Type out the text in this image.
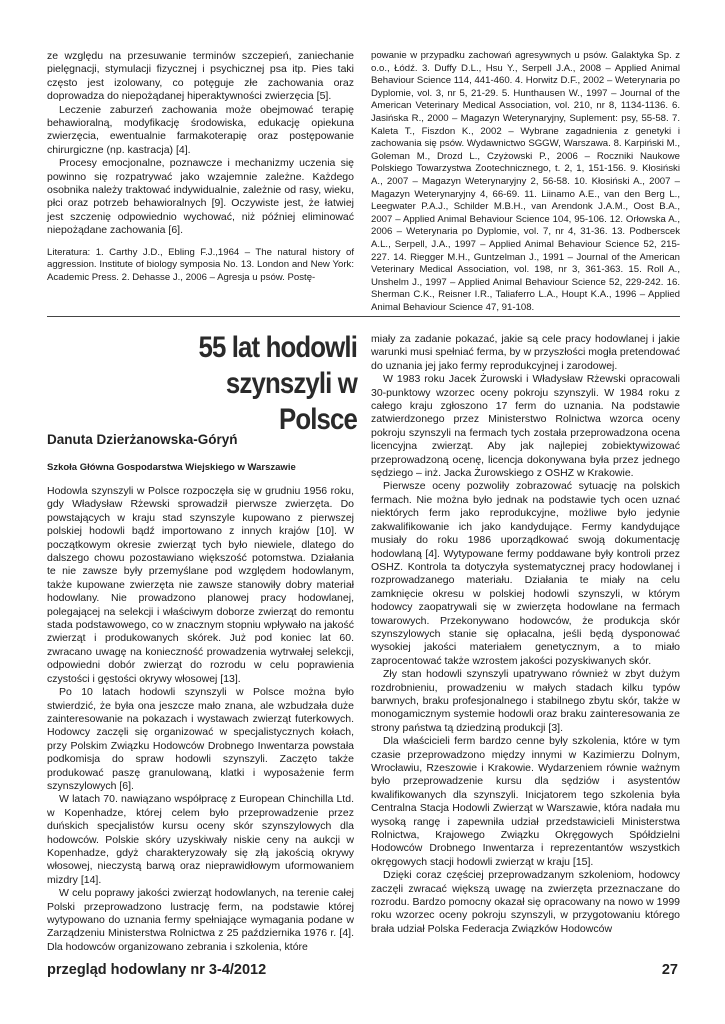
ze względu na przesuwanie terminów szczepień, zaniechanie pielęgnacji, stymulacji fizycznej i psychicznej psa itp. Pies taki często jest izolowany, co potęguje złe zachowania oraz doprowadza do niepożądanej hiperaktywności zwierzęcia [5].

Leczenie zaburzeń zachowania może obejmować terapię behawioralną, modyfikację środowiska, edukację opiekuna zwierzęcia, ewentualnie farmakoterapię oraz postępowanie chirurgiczne (np. kastracja) [4].

Procesy emocjonalne, poznawcze i mechanizmy uczenia się powinno się rozpatrywać jako wzajemnie zależne. Każdego osobnika należy traktować indywidualnie, zależnie od rasy, wieku, płci oraz potrzeb behawioralnych [9]. Oczywiste jest, że łatwiej jest szczenię odpowiednio wychować, niż później eliminować niepożądane zachowania [6].

Literatura: 1. Carthy J.D., Ebling F.J.,1964 – The natural history of aggression. Institute of biology symposia No. 13. London and New York: Academic Press. 2. Dehasse J., 2006 – Agresja u psów. Postę-

powanie w przypadku zachowań agresywnych u psów. Galaktyka Sp. z o.o., Łódź. 3. Duffy D.L., Hsu Y., Serpell J.A., 2008 – Applied Animal Behaviour Science 114, 441-460. 4. Horwitz D.F., 2002 – Weterynaria po Dyplomie, vol. 3, nr 5, 21-29. 5. Hunthausen W., 1997 – Journal of the American Veterinary Medical Association, vol. 210, nr 8, 1134-1136. 6. Jasińska R., 2000 – Magazyn Weterynaryjny, Suplement: psy, 55-58. 7. Kaleta T., Fiszdon K., 2002 – Wybrane zagadnienia z genetyki i zachowania się psów. Wydawnictwo SGGW, Warszawa. 8. Karpiński M., Goleman M., Drozd L., Czyżowski P., 2006 – Roczniki Naukowe Polskiego Towarzystwa Zootechnicznego, t. 2, 1, 151-156. 9. Kłosiński A., 2007 – Magazyn Weterynaryjny 2, 56-58. 10. Kłosiński A., 2007 – Magazyn Weterynaryjny 4, 66-69. 11. Liinamo A.E., van den Berg L., Leegwater P.A.J., Schilder M.B.H., van Arendonk J.A.M., Oost B.A., 2007 – Applied Animal Behaviour Science 104, 95-106. 12. Orłowska A., 2006 – Weterynaria po Dyplomie, vol. 7, nr 4, 31-36. 13. Podberscek A.L., Serpell, J.A., 1997 – Applied Animal Behaviour Science 52, 215-227. 14. Riegger M.H., Guntzelman J., 1991 – Journal of the American Veterinary Medical Association, vol. 198, nr 3, 361-363. 15. Roll A., Unshelm J., 1997 – Applied Animal Behaviour Science 52, 229-242. 16. Sherman C.K., Reisner I.R., Taliaferro L.A., Houpt K.A., 1996 – Applied Animal Behaviour Science 47, 91-108.

55 lat hodowli
szynszyli w Polsce
Danuta Dzierżanowska-Góryń
Szkoła Główna Gospodarstwa Wiejskiego w Warszawie

Hodowla szynszyli w Polsce rozpoczęła się w grudniu 1956 roku, gdy Władysław Rżewski sprowadził pierwsze zwierzęta. Do powstających w kraju stad szynszyle kupowano z pierwszej polskiej hodowli bądź importowano z innych krajów [10]. W początkowym okresie zwierząt tych było niewiele, dlatego do dalszego chowu pozostawiano większość potomstwa. Działania te nie zawsze były przemyślane pod względem hodowlanym, także kupowane zwierzęta nie zawsze stanowiły dobry materiał hodowlany. Nie prowadzono planowej pracy hodowlanej, polegającej na selekcji i właściwym doborze zwierząt do remontu stada podstawowego, co w znacznym stopniu wpływało na jakość zwierząt i produkowanych skórek. Już pod koniec lat 60. zwracano uwagę na konieczność prowadzenia wytrwałej selekcji, odpowiedni dobór zwierząt do rozrodu w celu poprawienia czystości i gęstości okrywy włosowej [13].

Po 10 latach hodowli szynszyli w Polsce można było stwierdzić, że była ona jeszcze mało znana, ale wzbudzała duże zainteresowanie na pokazach i wystawach zwierząt futerkowych. Hodowcy zaczęli się organizować w specjalistycznych kołach, przy Polskim Związku Hodowców Drobnego Inwentarza powstała podkomisja do spraw hodowli szynszyli. Zaczęto także produkować paszę granulowaną, klatki i wyposażenie ferm szynszylowych [6].

W latach 70. nawiązano współpracę z European Chinchilla Ltd. w Kopenhadze, której celem było przeprowadzenie przez duńskich specjalistów kursu oceny skór szynszylowych dla hodowców. Polskie skóry uzyskiwały niskie ceny na aukcji w Kopenhadze, gdyż charakteryzowały się złą jakością okrywy włosowej, nieczystą barwą oraz nieprawidłowym uformowaniem mizdry [14].

W celu poprawy jakości zwierząt hodowlanych, na terenie całej Polski przeprowadzono lustrację ferm, na podstawie której wytypowano do uznania fermy spełniające wymagania podane w Zarządzeniu Ministerstwa Rolnictwa z 25 października 1976 r. [4]. Dla hodowców organizowano zebrania i szkolenia, które

miały za zadanie pokazać, jakie są cele pracy hodowlanej i jakie warunki musi spełniać ferma, by w przyszłości mogła pretendować do uznania jej jako fermy reprodukcyjnej i zarodowej.

W 1983 roku Jacek Żurowski i Władysław Rżewski opracowali 30-punktowy wzorzec oceny pokroju szynszyli. W 1984 roku z całego kraju zgłoszono 17 ferm do uznania. Na podstawie zatwierdzonego przez Ministerstwo Rolnictwa wzorca oceny pokroju szynszyli na fermach tych została przeprowadzona ocena licencyjna zwierząt. Aby jak najlepiej zobiektywizować przeprowadzoną ocenę, licencja dokonywana była przez jednego sędziego – inż. Jacka Żurowskiego z OSHZ w Krakowie.

Pierwsze oceny pozwoliły zobrazować sytuację na polskich fermach. Nie można było jednak na podstawie tych ocen uznać niektórych ferm jako reprodukcyjne, możliwe było jedynie zakwalifikowanie ich jako kandydujące. Fermy kandydujące musiały do roku 1986 uporządkować swoją dokumentację hodowlaną [4]. Wytypowane fermy poddawane były kontroli przez OSHZ. Kontrola ta dotyczyła systematycznej pracy hodowlanej i rozprowadzanego materiału. Działania te miały na celu zamknięcie okresu w polskiej hodowli szynszyli, w którym hodowcy zaopatrywali się w zwierzęta hodowlane na fermach towarowych. Przekonywano hodowców, że produkcja skór szynszylowych stanie się opłacalna, jeśli będą dysponować wysokiej jakości materiałem genetycznym, a to miało zaprocentować także wzrostem jakości pozyskiwanych skór.

Zły stan hodowli szynszyli upatrywano również w zbyt dużym rozdrobnieniu, prowadzeniu w małych stadach kilku typów barwnych, braku profesjonalnego i stabilnego zbytu skór, także w monogamicznym systemie hodowli oraz braku zainteresowania ze strony państwa tą dziedziną produkcji [3].

Dla właścicieli ferm bardzo cenne były szkolenia, które w tym czasie przeprowadzono między innymi w Kazimierzu Dolnym, Wrocławiu, Rzeszowie i Krakowie. Wydarzeniem równie ważnym było przeprowadzenie kursu dla sędziów i asystentów kwalifikowanych dla szynszyli. Inicjatorem tego szkolenia była Centralna Stacja Hodowli Zwierząt w Warszawie, która nadała mu wysoką rangę i zapewniła udział przedstawicieli Ministerstwa Rolnictwa, Krajowego Związku Okręgowych Spółdzielni Hodowców Drobnego Inwentarza i reprezentantów wszystkich okręgowych stacji hodowli zwierząt w kraju [15].

Dzięki coraz częściej przeprowadzanym szkoleniom, hodowcy zaczęli zwracać większą uwagę na zwierzęta przeznaczane do rozrodu. Bardzo pomocny okazał się opracowany na nowo w 1999 roku wzorzec oceny pokroju szynszyli, w przygotowaniu którego brała udział Polska Federacja Związków Hodowców

przegląd hodowlany nr 3-4/2012	27
